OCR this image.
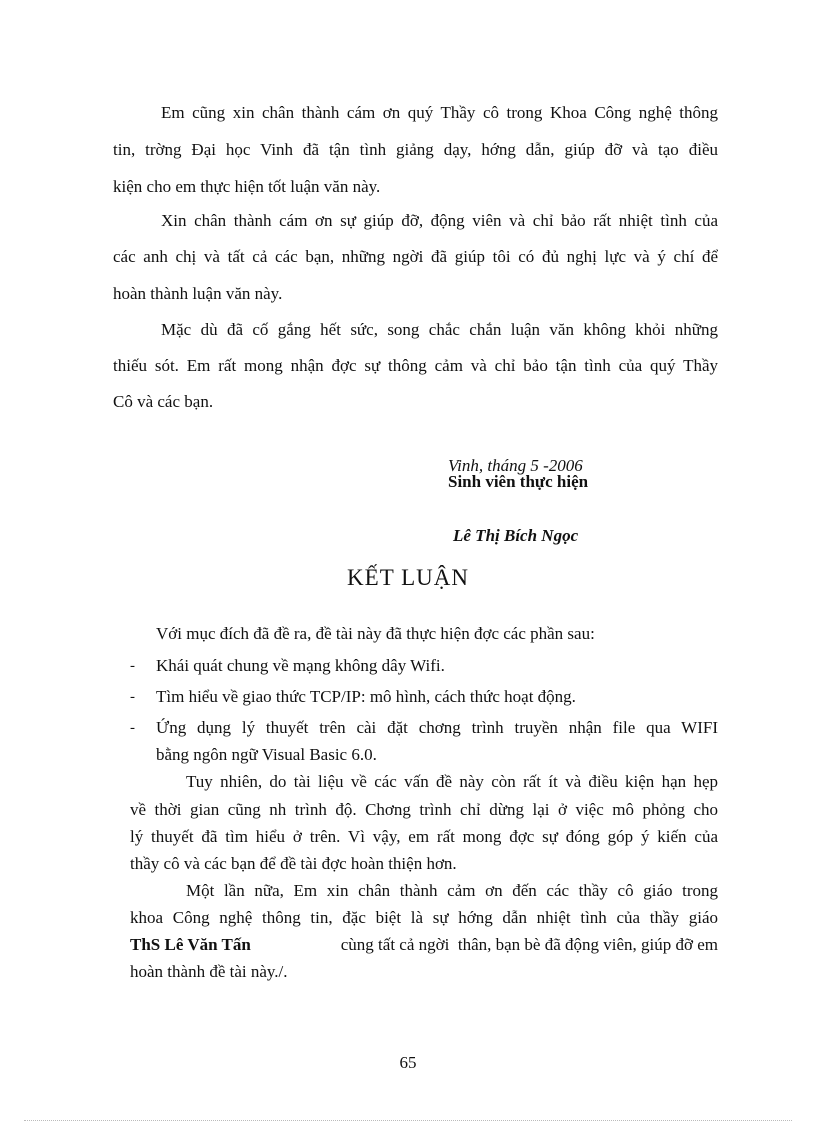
Em cũng xin chân thành cám ơn quý Thầy cô trong Khoa Công nghệ thông
tin, trờng Đại học Vinh đã tận tình giảng dạy, hớng dẫn, giúp đỡ và tạo điều
kiện cho em thực hiện tốt luận văn này.
Xin chân thành cám ơn sự giúp đỡ, động viên và chỉ bảo rất nhiệt tình của
các anh chị và tất cả các bạn, những ngời đã giúp tôi có đủ nghị lực và ý chí để
hoàn thành luận văn này.
Mặc dù đã cố gắng hết sức, song chắc chắn luận văn không khỏi những
thiếu sót. Em rất mong nhận đợc sự thông cảm và chỉ bảo tận tình của quý Thầy
Cô và các bạn.
Vinh, tháng 5 -2006
Sinh viên thực hiện
Lê Thị Bích Ngọc
KẾT LUẬN
Với mục đích đã đề ra, đề tài này đã thực hiện đợc các phần sau:
- Khái quát chung về mạng không dây Wifi.
- Tìm hiểu về giao thức TCP/IP: mô hình, cách thức hoạt động.
- Ứng dụng lý thuyết trên cài đặt chơng trình truyền nhận file qua WIFI
bằng ngôn ngữ Visual Basic 6.0.
Tuy nhiên, do tài liệu về các vấn đề này còn rất ít và điều kiện hạn hẹp
về thời gian cũng nh trình độ. Chơng trình chỉ dừng lại ở việc mô phỏng cho
lý thuyết đã tìm hiểu ở trên. Vì vậy, em rất mong đợc sự đóng góp ý kiến của
thầy cô và các bạn để đề tài đợc hoàn thiện hơn.
Một lần nữa, Em xin chân thành cảm ơn đến các thầy cô giáo trong
khoa Công nghệ thông tin, đặc biệt là sự hớng dẫn nhiệt tình của thầy giáo
ThS Lê Văn Tấn	cùng tất cả ngời  thân, bạn bè đã động viên, giúp đỡ em
hoàn thành đề tài này./.
65
